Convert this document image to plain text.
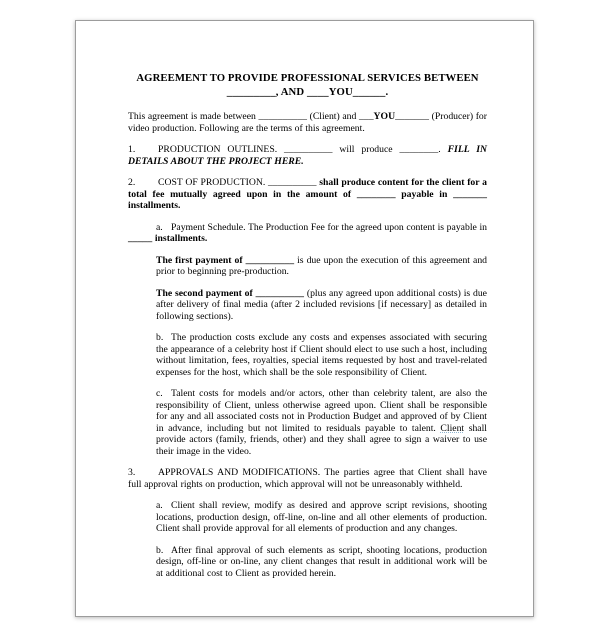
AGREEMENT TO PROVIDE PROFESSIONAL SERVICES BETWEEN
_________, AND ____YOU______.

This agreement is made between __________ (Client) and ___YOU_______ (Producer) for video production. Following are the terms of this agreement.

1. PRODUCTION OUTLINES. __________ will produce ________. FILL IN DETAILS ABOUT THE PROJECT HERE.

2. COST OF PRODUCTION. __________ shall produce content for the client for a total fee mutually agreed upon in the amount of ________ payable in _______ installments.

a. Payment Schedule. The Production Fee for the agreed upon content is payable in _____ installments.

The first payment of __________ is due upon the execution of this agreement and prior to beginning pre-production.

The second payment of __________ (plus any agreed upon additional costs) is due after delivery of final media (after 2 included revisions [if necessary] as detailed in following sections).

b. The production costs exclude any costs and expenses associated with securing the appearance of a celebrity host if Client should elect to use such a host, including without limitation, fees, royalties, special items requested by host and travel-related expenses for the host, which shall be the sole responsibility of Client.

c. Talent costs for models and/or actors, other than celebrity talent, are also the responsibility of Client, unless otherwise agreed upon. Client shall be responsible for any and all associated costs not in Production Budget and approved of by Client in advance, including but not limited to residuals payable to talent. Client shall provide actors (family, friends, other) and they shall agree to sign a waiver to use their image in the video.

3. APPROVALS AND MODIFICATIONS. The parties agree that Client shall have full approval rights on production, which approval will not be unreasonably withheld.

a. Client shall review, modify as desired and approve script revisions, shooting locations, production design, off-line, on-line and all other elements of production. Client shall provide approval for all elements of production and any changes.

b. After final approval of such elements as script, shooting locations, production design, off-line or on-line, any client changes that result in additional work will be at additional cost to Client as provided herein.
